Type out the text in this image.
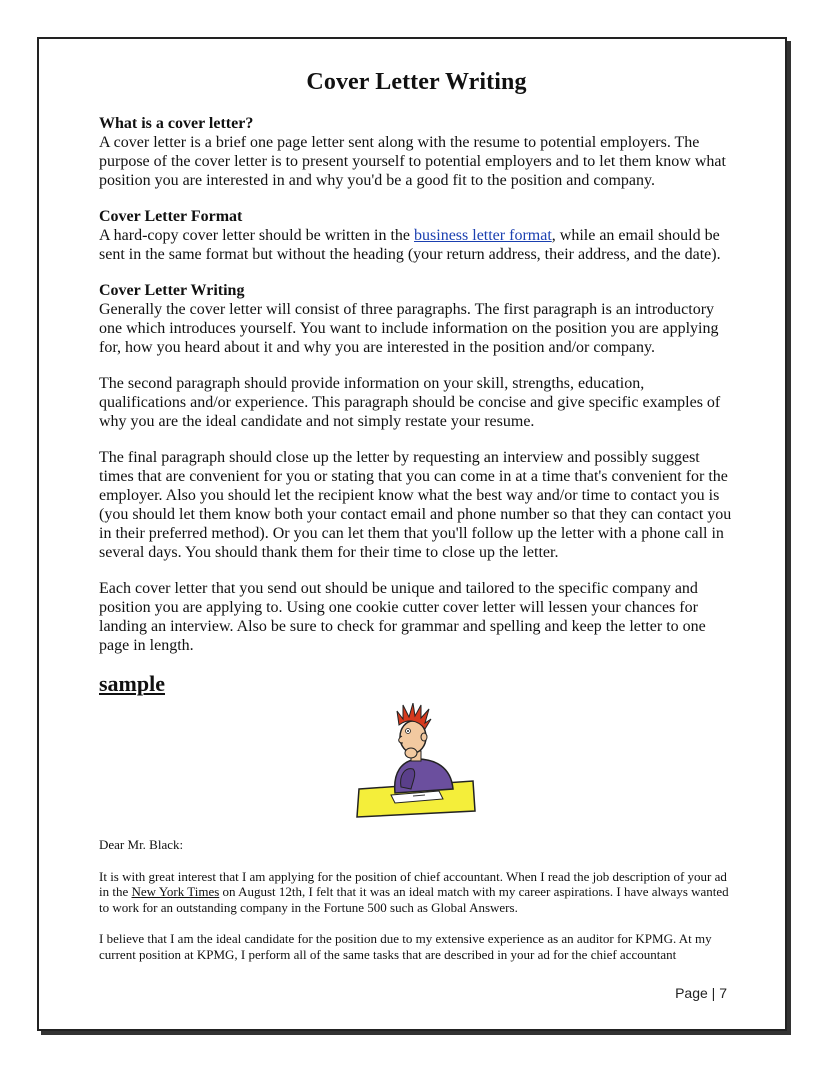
Cover Letter Writing
What is a cover letter?

A cover letter is a brief one page letter sent along with the resume to potential employers. The purpose of the cover letter is to present yourself to potential employers and to let them know what position you are interested in and why you'd be a good fit to the position and company.

Cover Letter Format

A hard-copy cover letter should be written in the business letter format, while an email should be sent in the same format but without the heading (your return address, their address, and the date).

Cover Letter Writing

Generally the cover letter will consist of three paragraphs. The first paragraph is an introductory one which introduces yourself. You want to include information on the position you are applying for, how you heard about it and why you are interested in the position and/or company.

The second paragraph should provide information on your skill, strengths, education, qualifications and/or experience. This paragraph should be concise and give specific examples of why you are the ideal candidate and not simply restate your resume.

The final paragraph should close up the letter by requesting an interview and possibly suggest times that are convenient for you or stating that you can come in at a time that's convenient for the employer. Also you should let the recipient know what the best way and/or time to contact you is (you should let them know both your contact email and phone number so that they can contact you in their preferred method). Or you can let them that you'll follow up the letter with a phone call in several days. You should thank them for their time to close up the letter.

Each cover letter that you send out should be unique and tailored to the specific company and position you are applying to. Using one cookie cutter cover letter will lessen your chances for landing an interview. Also be sure to check for grammar and spelling and keep the letter to one page in length.

sample

Dear Mr. Black:

It is with great interest that I am applying for the position of chief accountant. When I read the job description of your ad in the New York Times on August 12th, I felt that it was an ideal match with my career aspirations. I have always wanted to work for an outstanding company in the Fortune 500 such as Global Answers.

I believe that I am the ideal candidate for the position due to my extensive experience as an auditor for KPMG. At my current position at KPMG, I perform all of the same tasks that are described in your ad for the chief accountant

Page | 7
